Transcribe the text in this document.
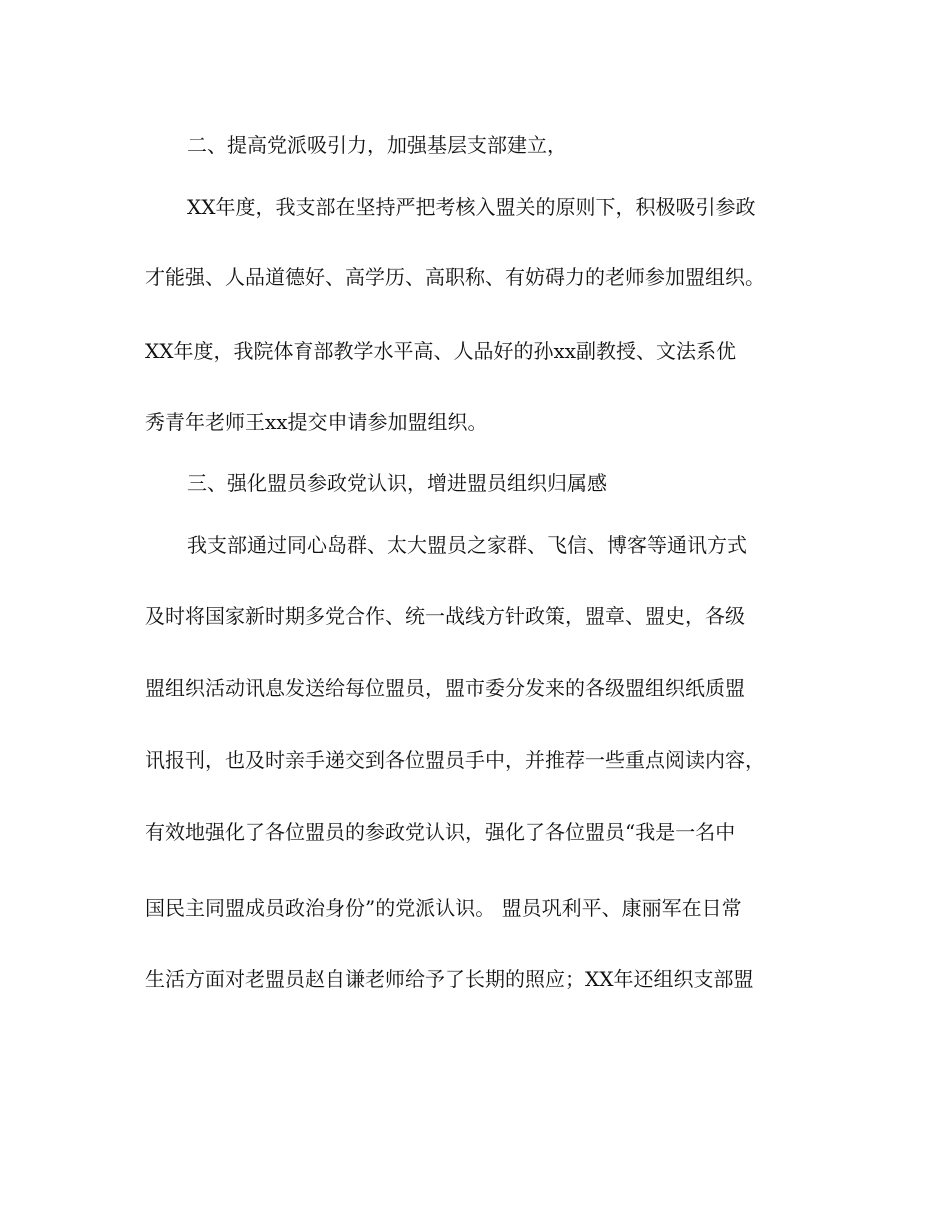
二、提高党派吸引力，加强基层支部建立，
XX年度，我支部在坚持严把考核入盟关的原则下，积极吸引参政
才能强、人品道德好、高学历、高职称、有妨碍力的老师参加盟组织。
XX年度，我院体育部教学水平高、人品好的孙xx副教授、文法系优
秀青年老师王xx提交申请参加盟组织。
三、强化盟员参政党认识，增进盟员组织归属感
我支部通过同心岛群、太大盟员之家群、飞信、博客等通讯方式
及时将国家新时期多党合作、统一战线方针政策，盟章、盟史，各级
盟组织活动讯息发送给每位盟员，盟市委分发来的各级盟组织纸质盟
讯报刊，也及时亲手递交到各位盟员手中，并推荐一些重点阅读内容，
有效地强化了各位盟员的参政党认识，强化了各位盟员“我是一名中
国民主同盟成员政治身份”的党派认识。 盟员巩利平、康丽军在日常
生活方面对老盟员赵自谦老师给予了长期的照应；XX年还组织支部盟
